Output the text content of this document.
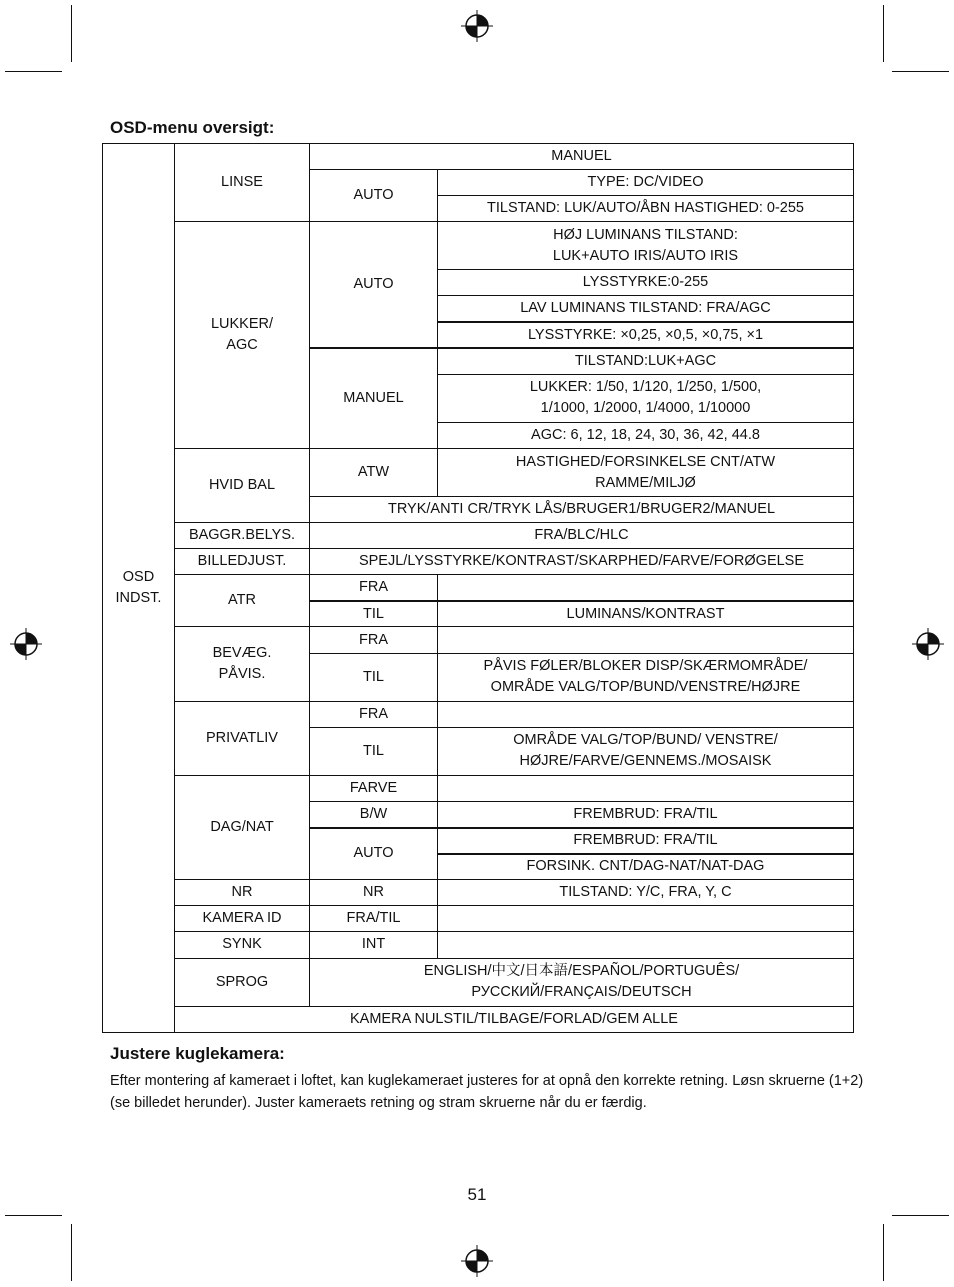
OSD-menu oversigt:
OSD
INDST.	LINSE	MANUEL	
		AUTO	TYPE: DC/VIDEO
			TILSTAND: LUK/AUTO/ÅBN HASTIGHED: 0-255
	LUKKER/
AGC	AUTO	HØJ LUMINANS TILSTAND:
LUK+AUTO IRIS/AUTO IRIS
			LYSSTYRKE:0-255
			LAV LUMINANS TILSTAND: FRA/AGC
			LYSSTYRKE: ×0,25, ×0,5, ×0,75, ×1
		MANUEL	TILSTAND:LUK+AGC
			LUKKER: 1/50, 1/120, 1/250, 1/500,
1/1000, 1/2000, 1/4000, 1/10000
			AGC: 6, 12, 18, 24, 30, 36, 42, 44.8
	HVID BAL	ATW	HASTIGHED/FORSINKELSE CNT/ATW
RAMME/MILJØ
		TRYK/ANTI CR/TRYK LÅS/BRUGER1/BRUGER2/MANUEL	
	BAGGR.BELYS.	FRA/BLC/HLC	
	BILLEDJUST.	SPEJL/LYSSTYRKE/KONTRAST/SKARPHED/FARVE/FORØGELSE	
	ATR	FRA	
		TIL	LUMINANS/KONTRAST
	BEVÆG.
PÅVIS.	FRA	
		TIL	PÅVIS FØLER/BLOKER DISP/SKÆRMOMRÅDE/
OMRÅDE VALG/TOP/BUND/VENSTRE/HØJRE
	PRIVATLIV	FRA	
		TIL	OMRÅDE VALG/TOP/BUND/ VENSTRE/
HØJRE/FARVE/GENNEMS./MOSAISK
	DAG/NAT	FARVE	
		B/W	FREMBRUD: FRA/TIL
		AUTO	FREMBRUD: FRA/TIL
			FORSINK. CNT/DAG-NAT/NAT-DAG
	NR	NR	TILSTAND: Y/C, FRA, Y, C
	KAMERA ID	FRA/TIL	
	SYNK	INT	
	SPROG	ENGLISH/中文/日本語/ESPAÑOL/PORTUGUÊS/
РУССКИЙ/FRANÇAIS/DEUTSCH	
	KAMERA NULSTIL/TILBAGE/FORLAD/GEM ALLE		
Justere kuglekamera:

Efter montering af kameraet i loftet, kan kuglekameraet justeres for at opnå den korrekte retning. Løsn skruerne (1+2) (se billedet herunder). Juster kameraets retning og stram skruerne når du er færdig.

51
